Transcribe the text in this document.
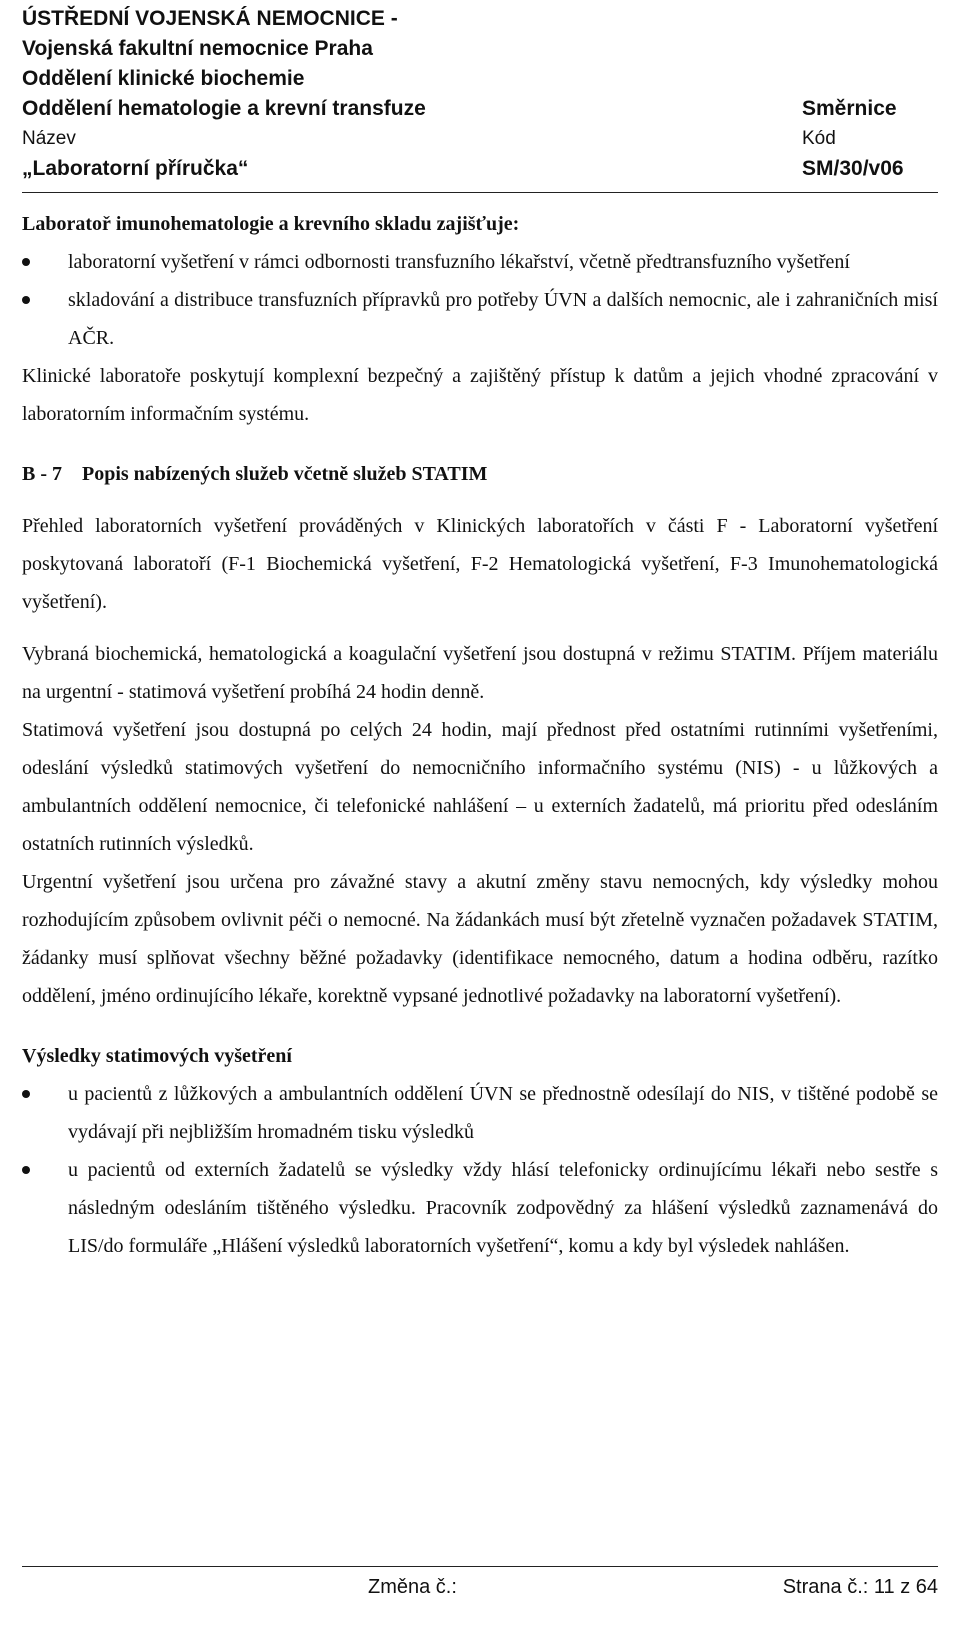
ÚSTŘEDNÍ VOJENSKÁ NEMOCNICE -
Vojenská fakultní nemocnice Praha
Oddělení klinické biochemie
Oddělení hematologie a krevní transfuze	Směrnice
Název	Kód
„Laboratorní příručka“	SM/30/v06

Laboratoř imunohematologie a krevního skladu zajišťuje:

laboratorní vyšetření v rámci odbornosti transfuzního lékařství, včetně předtransfuzního vyšetření
skladování a distribuce transfuzních přípravků pro potřeby ÚVN a dalších nemocnic, ale i zahraničních misí AČR.

Klinické laboratoře poskytují komplexní bezpečný a zajištěný přístup k datům a jejich vhodné zpracování v laboratorním informačním systému.

B - 7    Popis nabízených služeb včetně služeb STATIM

Přehled laboratorních vyšetření prováděných v Klinických laboratořích v části F - Laboratorní vyšetření poskytovaná laboratoří (F-1 Biochemická vyšetření, F-2 Hematologická vyšetření, F-3 Imunohematologická vyšetření).

Vybraná biochemická, hematologická a koagulační vyšetření jsou dostupná v režimu STATIM. Příjem materiálu na urgentní - statimová vyšetření probíhá 24 hodin denně.

Statimová vyšetření jsou dostupná po celých 24 hodin, mají přednost před ostatními rutinními vyšetřeními, odeslání výsledků statimových vyšetření do nemocničního informačního systému (NIS) - u lůžkových a ambulantních oddělení nemocnice, či telefonické nahlášení – u externích žadatelů, má prioritu před odesláním ostatních rutinních výsledků.

Urgentní vyšetření jsou určena pro závažné stavy a akutní změny stavu nemocných, kdy výsledky mohou rozhodujícím způsobem ovlivnit péči o nemocné. Na žádankách musí být zřetelně vyznačen požadavek STATIM, žádanky musí splňovat všechny běžné požadavky (identifikace nemocného, datum a hodina odběru, razítko oddělení, jméno ordinujícího lékaře, korektně vypsané jednotlivé požadavky na laboratorní vyšetření).

Výsledky statimových vyšetření

u pacientů z lůžkových a ambulantních oddělení ÚVN se přednostně odesílají do NIS, v tištěné podobě se vydávají při nejbližším hromadném tisku výsledků
u pacientů od externích žadatelů se výsledky vždy hlásí telefonicky ordinujícímu lékaři nebo sestře s následným odesláním tištěného výsledku. Pracovník zodpovědný za hlášení výsledků zaznamenává do LIS/do formuláře „Hlášení výsledků laboratorních vyšetření“, komu a kdy byl výsledek nahlášen.
Změna č.:	Strana č.: 11 z 64
